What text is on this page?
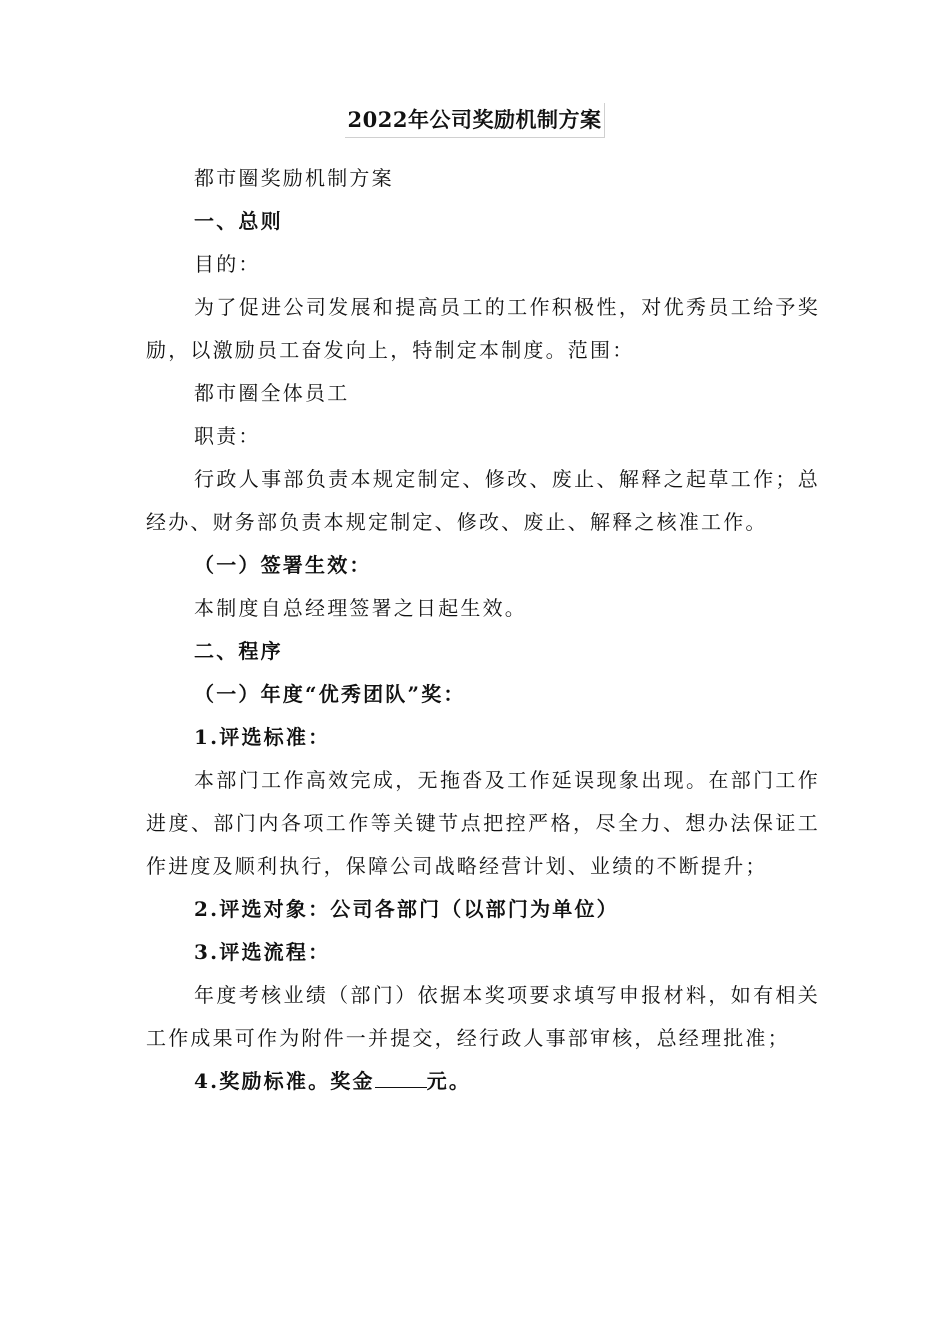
2022年公司奖励机制方案

都市圈奖励机制方案

一、总则

目的：

为了促进公司发展和提高员工的工作积极性，对优秀员工给予奖励，以激励员工奋发向上，特制定本制度。范围：

都市圈全体员工

职责：

行政人事部负责本规定制定、修改、废止、解释之起草工作；总经办、财务部负责本规定制定、修改、废止、解释之核准工作。

（一）签署生效：

本制度自总经理签署之日起生效。

二、程序

（一）年度“优秀团队”奖：

1.评选标准：

本部门工作高效完成，无拖沓及工作延误现象出现。在部门工作进度、部门内各项工作等关键节点把控严格，尽全力、想办法保证工作进度及顺利执行，保障公司战略经营计划、业绩的不断提升；

2.评选对象：公司各部门（以部门为单位）

3.评选流程：

年度考核业绩（部门）依据本奖项要求填写申报材料，如有相关工作成果可作为附件一并提交，经行政人事部审核，总经理批准；

4.奖励标准。奖金	元。
